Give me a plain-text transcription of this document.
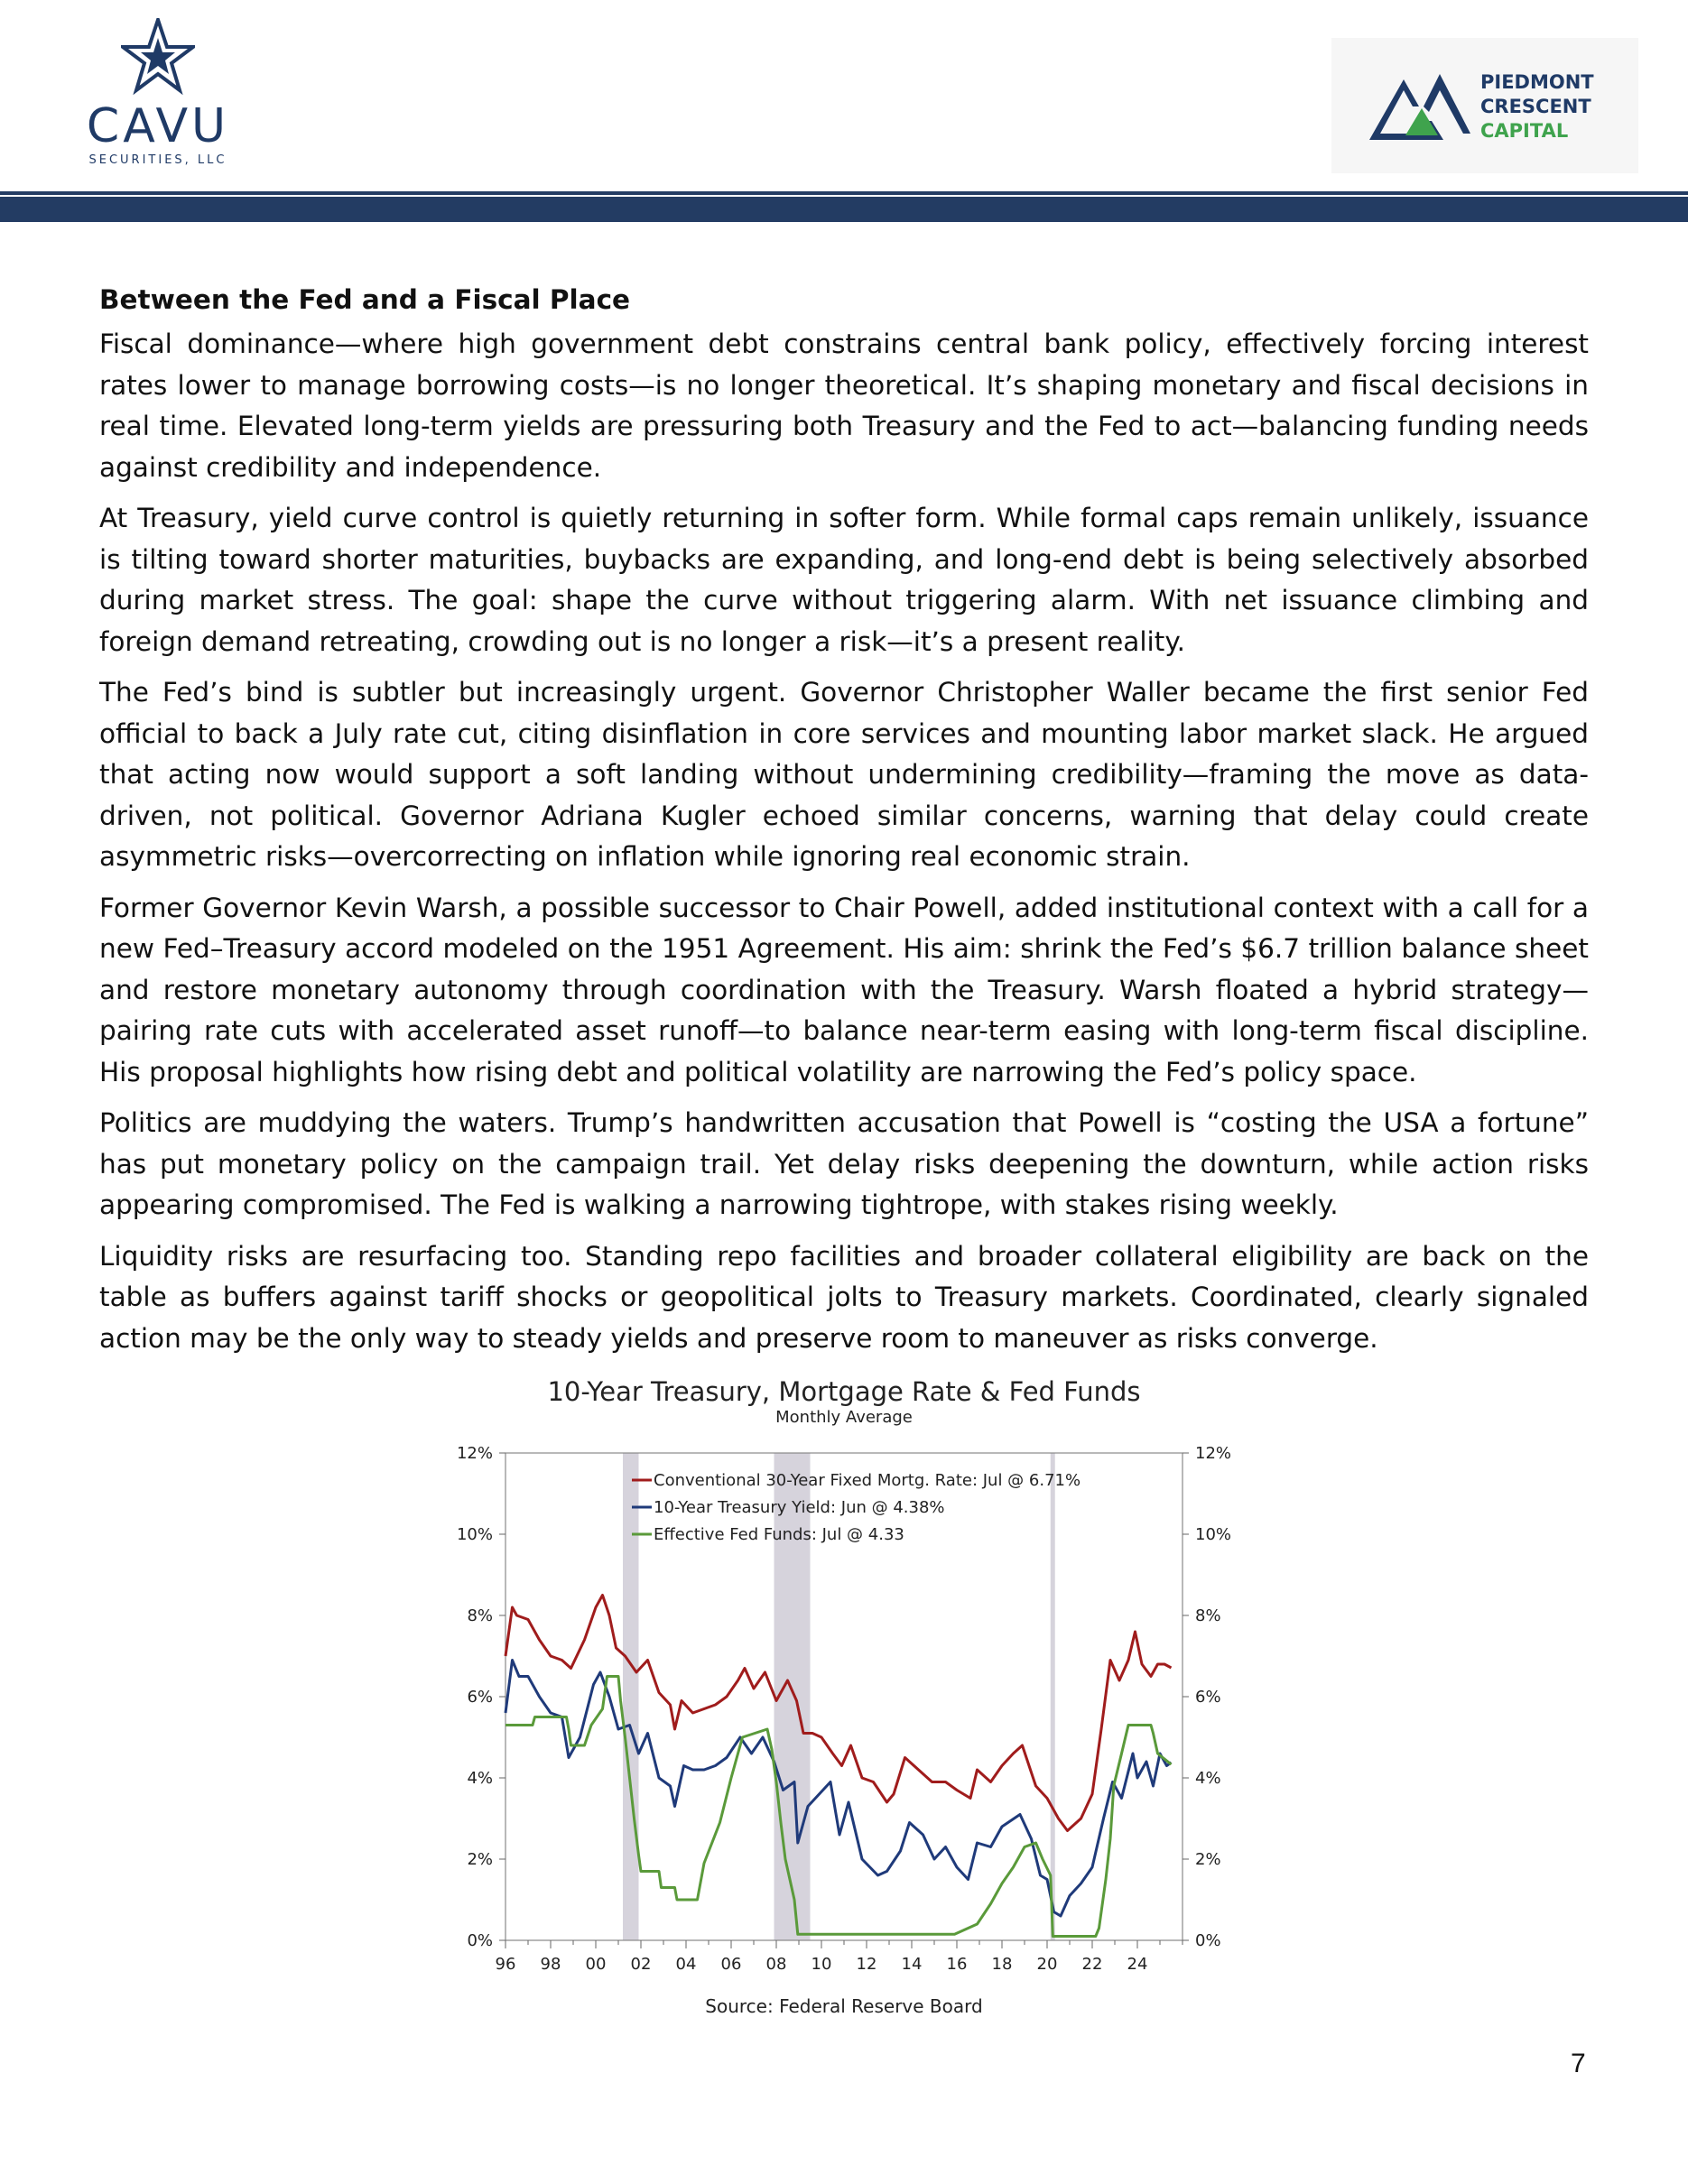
CAVU
SECURITIES, LLC
PIEDMONT
CRESCENT
CAPITAL
Between the Fed and a Fiscal Place

Fiscal dominance—where high government debt constrains central bank policy, effectively forcing interest rates lower to manage borrowing costs—is no longer theoretical. It’s shaping monetary and fiscal decisions in real time. Elevated long-term yields are pressuring both Treasury and the Fed to act—balancing funding needs against credibility and independence.

At Treasury, yield curve control is quietly returning in softer form. While formal caps remain unlikely, issuance is tilting toward shorter maturities, buybacks are expanding, and long-end debt is being selectively absorbed during market stress. The goal: shape the curve without triggering alarm. With net issuance climbing and foreign demand retreating, crowding out is no longer a risk—it’s a present reality.

The Fed’s bind is subtler but increasingly urgent. Governor Christopher Waller became the first senior Fed official to back a July rate cut, citing disinflation in core services and mounting labor market slack. He argued that acting now would support a soft landing without undermining credibility—framing the move as data-driven, not political. Governor Adriana Kugler echoed similar concerns, warning that delay could create asymmetric risks—overcorrecting on inflation while ignoring real economic strain.

Former Governor Kevin Warsh, a possible successor to Chair Powell, added institutional context with a call for a new Fed–Treasury accord modeled on the 1951 Agreement. His aim: shrink the Fed’s $6.7 trillion balance sheet and restore monetary autonomy through coordination with the Treasury. Warsh floated a hybrid strategy—pairing rate cuts with accelerated asset runoff—to balance near-term easing with long-term fiscal discipline. His proposal highlights how rising debt and political volatility are narrowing the Fed’s policy space.

Politics are muddying the waters. Trump’s handwritten accusation that Powell is “costing the USA a fortune” has put monetary policy on the campaign trail. Yet delay risks deepening the downturn, while action risks appearing compromised. The Fed is walking a narrowing tightrope, with stakes rising weekly.

Liquidity risks are resurfacing too. Standing repo facilities and broader collateral eligibility are back on the table as buffers against tariff shocks or geopolitical jolts to Treasury markets. Coordinated, clearly signaled action may be the only way to steady yields and preserve room to maneuver as risks converge.

10-Year Treasury, Mortgage Rate & Fed Funds
Monthly Average
0%	0%
2%	2%
4%	4%
6%	6%
8%	8%
10%	10%
12%	12%
96 98 00 02 04 06 08 10 12 14 16 18 20 22 24
Conventional 30-Year Fixed Mortg. Rate: Jul @ 6.71%
10-Year Treasury Yield: Jun @ 4.38%
Effective Fed Funds: Jul @ 4.33
Source: Federal Reserve Board
7
